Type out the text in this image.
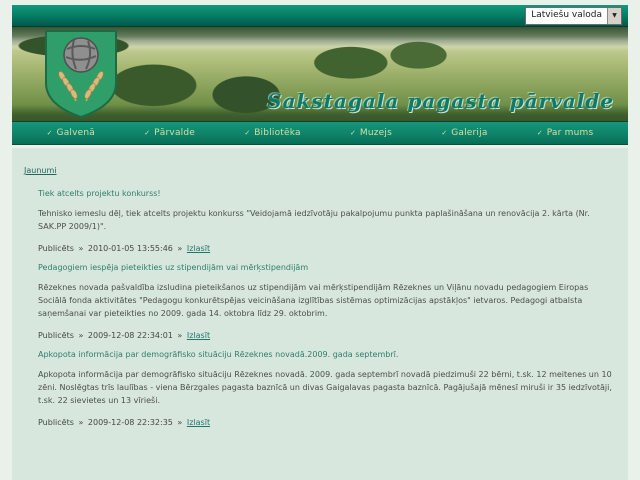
Latviešu valoda	▼
Sakstagala pagasta pārvalde
✓ Galvenā	✓ Pārvalde	✓ Bibliotēka	✓ Muzejs	✓ Galerija	✓ Par mums
Jaunumi
Tiek atcelts projektu konkurss!
Tehnisko iemeslu dēļ, tiek atcelts projektu konkurss "Veidojamā iedzīvotāju pakalpojumu punkta paplašināšana un renovācija 2. kārta (Nr. SAK.PP 2009/1)".
Publicēts » 2010-01-05 13:55:46 » Izlasīt
Pedagogiem iespēja pieteikties uz stipendijām vai mērķstipendijām
Rēzeknes novada pašvaldība izsludina pieteikšanos uz stipendijām vai mērķstipendijām Rēzeknes un Viļānu novadu pedagogiem Eiropas Sociālā fonda aktivitātes "Pedagogu konkurētspējas veicināšana izglītības sistēmas optimizācijas apstākļos" ietvaros. Pedagogi atbalsta saņemšanai var pieteikties no 2009. gada 14. oktobra līdz 29. oktobrim.
Publicēts » 2009-12-08 22:34:01 » Izlasīt
Apkopota informācija par demogrāfisko situāciju Rēzeknes novadā.2009. gada septembrī.
Apkopota informācija par demogrāfisko situāciju Rēzeknes novadā. 2009. gada septembrī novadā piedzimuši 22 bērni, t.sk. 12 meitenes un 10 zēni. Noslēgtas trīs laulības - viena Bērzgales pagasta baznīcā un divas Gaigalavas pagasta baznīcā. Pagājušajā mēnesī miruši ir 35 iedzīvotāji, t.sk. 22 sievietes un 13 vīrieši.
Publicēts » 2009-12-08 22:32:35 » Izlasīt
